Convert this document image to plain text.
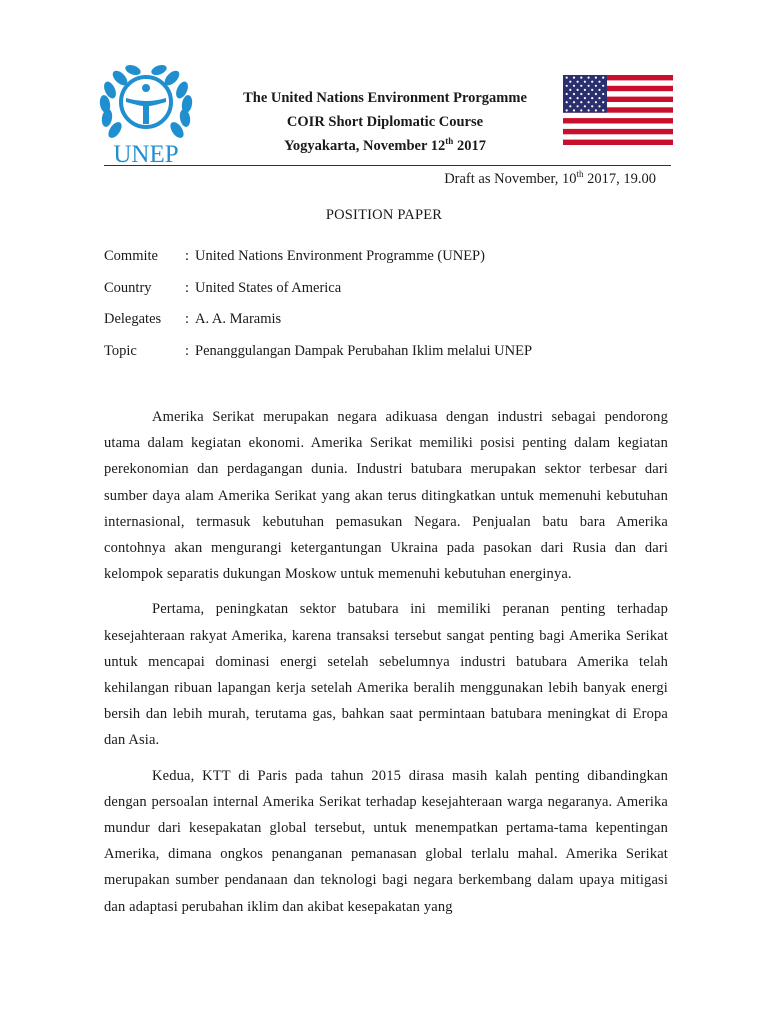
UNEP
The United Nations Environment Prorgamme
COIR Short Diplomatic Course
Yogyakarta, November 12th 2017
Draft as November, 10th 2017, 19.00
POSITION PAPER
Commite	: United Nations Environment Programme (UNEP)
Country	: United States of America
Delegates	: A. A. Maramis
Topic	: Penanggulangan Dampak Perubahan Iklim melalui UNEP

Amerika Serikat merupakan negara adikuasa dengan industri sebagai pendorong utama dalam kegiatan ekonomi. Amerika Serikat memiliki posisi penting dalam kegiatan perekonomian dan perdagangan dunia. Industri batubara merupakan sektor terbesar dari sumber daya alam Amerika Serikat yang akan terus ditingkatkan untuk memenuhi kebutuhan internasional, termasuk kebutuhan pemasukan Negara. Penjualan batu bara Amerika contohnya akan mengurangi ketergantungan Ukraina pada pasokan dari Rusia dan dari kelompok separatis dukungan Moskow untuk memenuhi kebutuhan energinya.

Pertama, peningkatan sektor batubara ini memiliki peranan penting terhadap kesejahteraan rakyat Amerika, karena transaksi tersebut sangat penting bagi Amerika Serikat untuk mencapai dominasi energi setelah sebelumnya industri batubara Amerika telah kehilangan ribuan lapangan kerja setelah Amerika beralih menggunakan lebih banyak energi bersih dan lebih murah, terutama gas, bahkan saat permintaan batubara meningkat di Eropa dan Asia.

Kedua, KTT di Paris pada tahun 2015 dirasa masih kalah penting dibandingkan dengan persoalan internal Amerika Serikat terhadap kesejahteraan warga negaranya. Amerika mundur dari kesepakatan global tersebut, untuk menempatkan pertama-tama kepentingan Amerika, dimana ongkos penanganan pemanasan global terlalu mahal. Amerika Serikat merupakan sumber pendanaan dan teknologi bagi negara berkembang dalam upaya mitigasi dan adaptasi perubahan iklim dan akibat kesepakatan yang
